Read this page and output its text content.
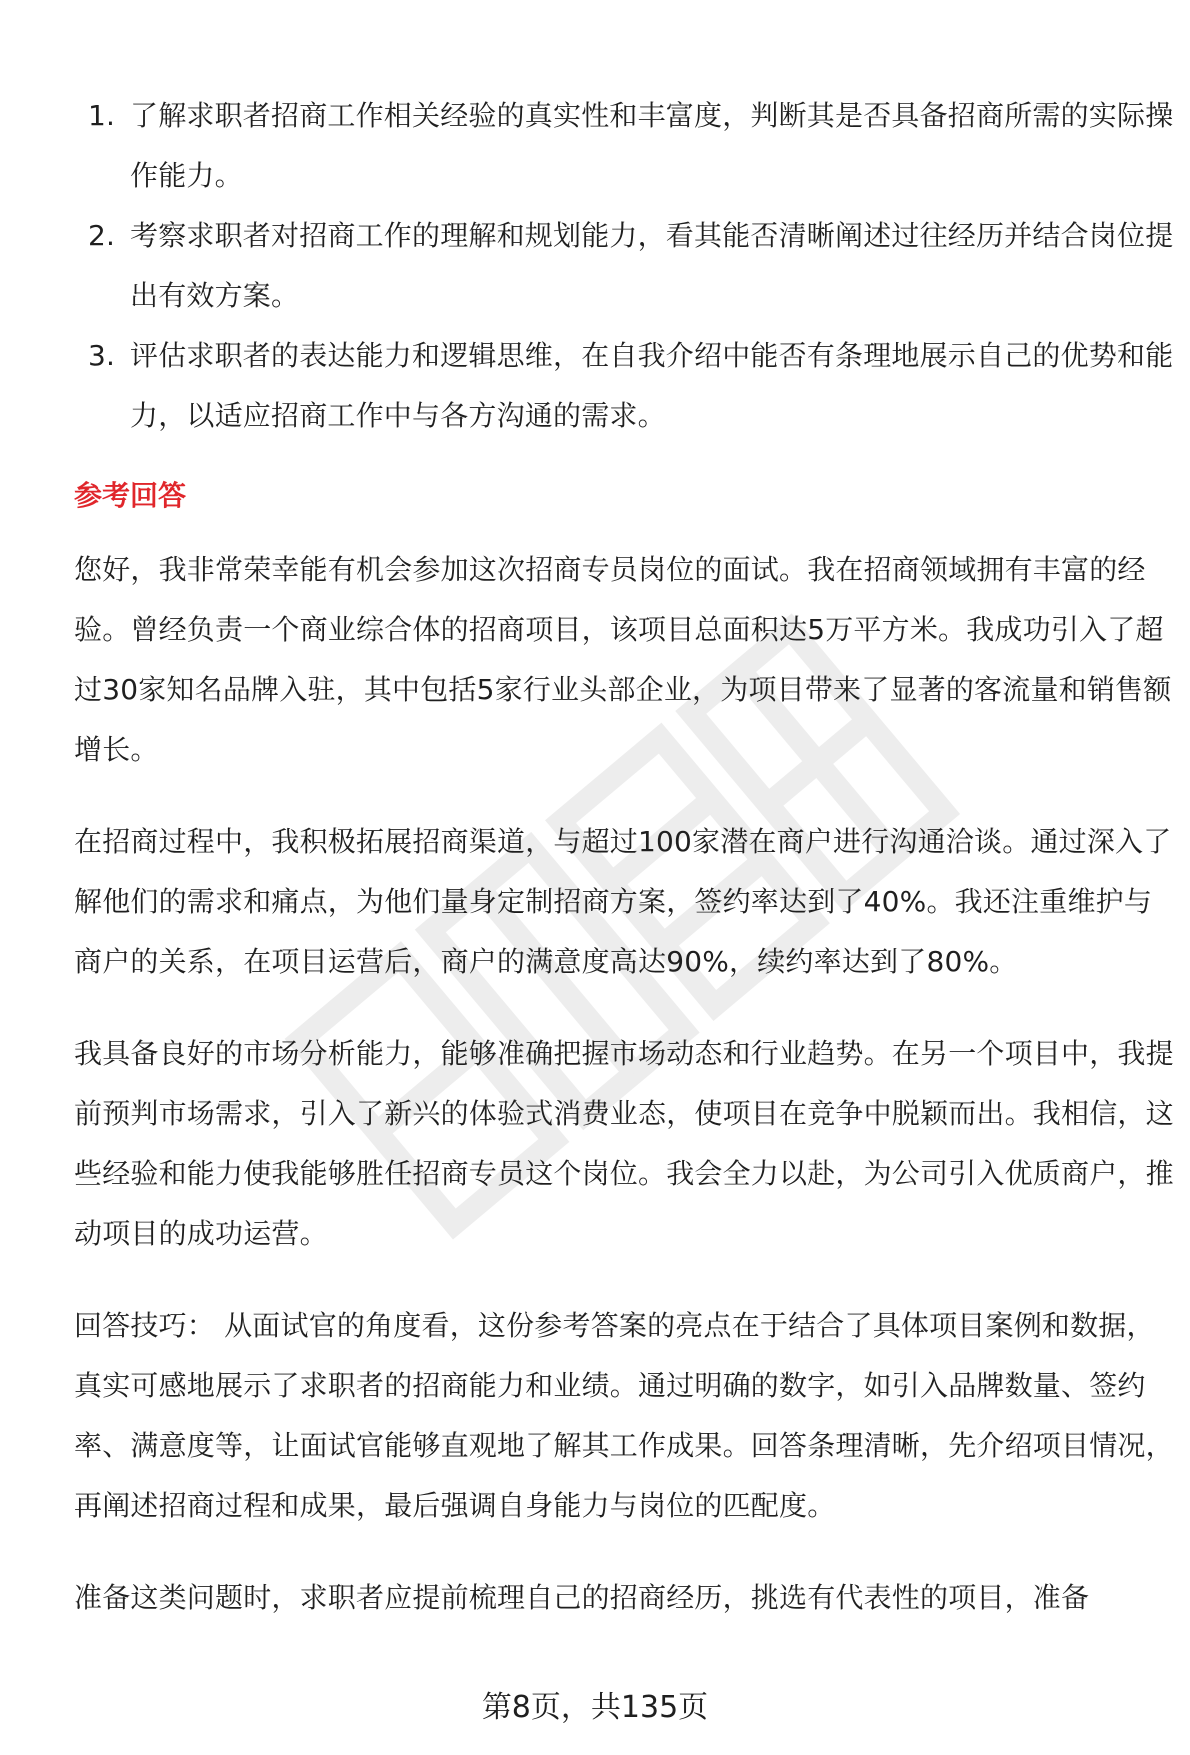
1. 了解求职者招商工作相关经验的真实性和丰富度，判断其是否具备招商所需的实际操作能力。
2. 考察求职者对招商工作的理解和规划能力，看其能否清晰阐述过往经历并结合岗位提出有效方案。
3. 评估求职者的表达能力和逻辑思维，在自我介绍中能否有条理地展示自己的优势和能力，以适应招商工作中与各方沟通的需求。
参考回答

您好，我非常荣幸能有机会参加这次招商专员岗位的面试。我在招商领域拥有丰富的经验。曾经负责一个商业综合体的招商项目，该项目总面积达5万平方米。我成功引入了超过30家知名品牌入驻，其中包括5家行业头部企业，为项目带来了显著的客流量和销售额增长。

在招商过程中，我积极拓展招商渠道，与超过100家潜在商户进行沟通洽谈。通过深入了解他们的需求和痛点，为他们量身定制招商方案，签约率达到了40%。我还注重维护与商户的关系，在项目运营后，商户的满意度高达90%，续约率达到了80%。

我具备良好的市场分析能力，能够准确把握市场动态和行业趋势。在另一个项目中，我提前预判市场需求，引入了新兴的体验式消费业态，使项目在竞争中脱颖而出。我相信，这些经验和能力使我能够胜任招商专员这个岗位。我会全力以赴，为公司引入优质商户，推动项目的成功运营。

回答技巧： 从面试官的角度看，这份参考答案的亮点在于结合了具体项目案例和数据，真实可感地展示了求职者的招商能力和业绩。通过明确的数字，如引入品牌数量、签约率、满意度等，让面试官能够直观地了解其工作成果。回答条理清晰，先介绍项目情况，再阐述招商过程和成果，最后强调自身能力与岗位的匹配度。

准备这类问题时，求职者应提前梳理自己的招商经历，挑选有代表性的项目，准备

第8页，共135页
